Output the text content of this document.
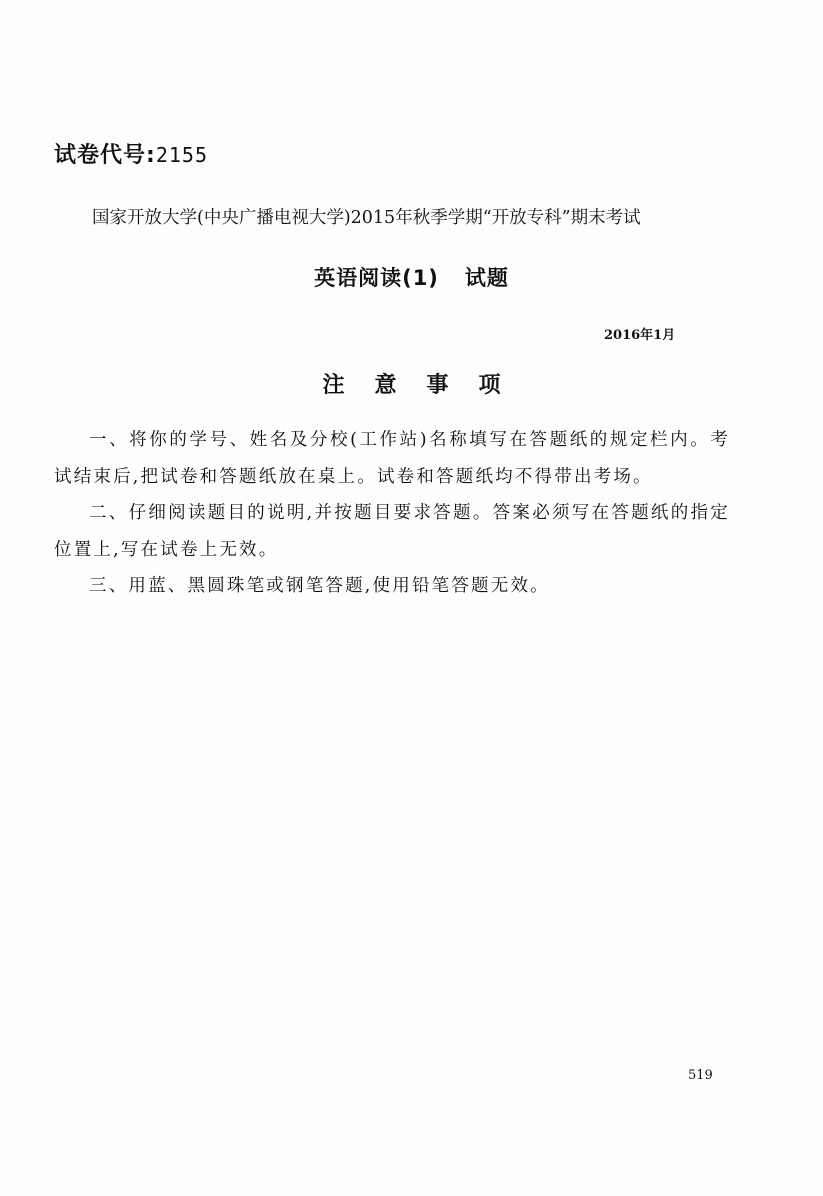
试卷代号:2155
国家开放大学(中央广播电视大学)2015年秋季学期“开放专科”期末考试
英语阅读(1) 试题
2016年1月
注意事项

一、将你的学号、姓名及分校(工作站)名称填写在答题纸的规定栏内。考试结束后,把试卷和答题纸放在桌上。试卷和答题纸均不得带出考场。

二、仔细阅读题目的说明,并按题目要求答题。答案必须写在答题纸的指定位置上,写在试卷上无效。

三、用蓝、黑圆珠笔或钢笔答题,使用铅笔答题无效。

519
